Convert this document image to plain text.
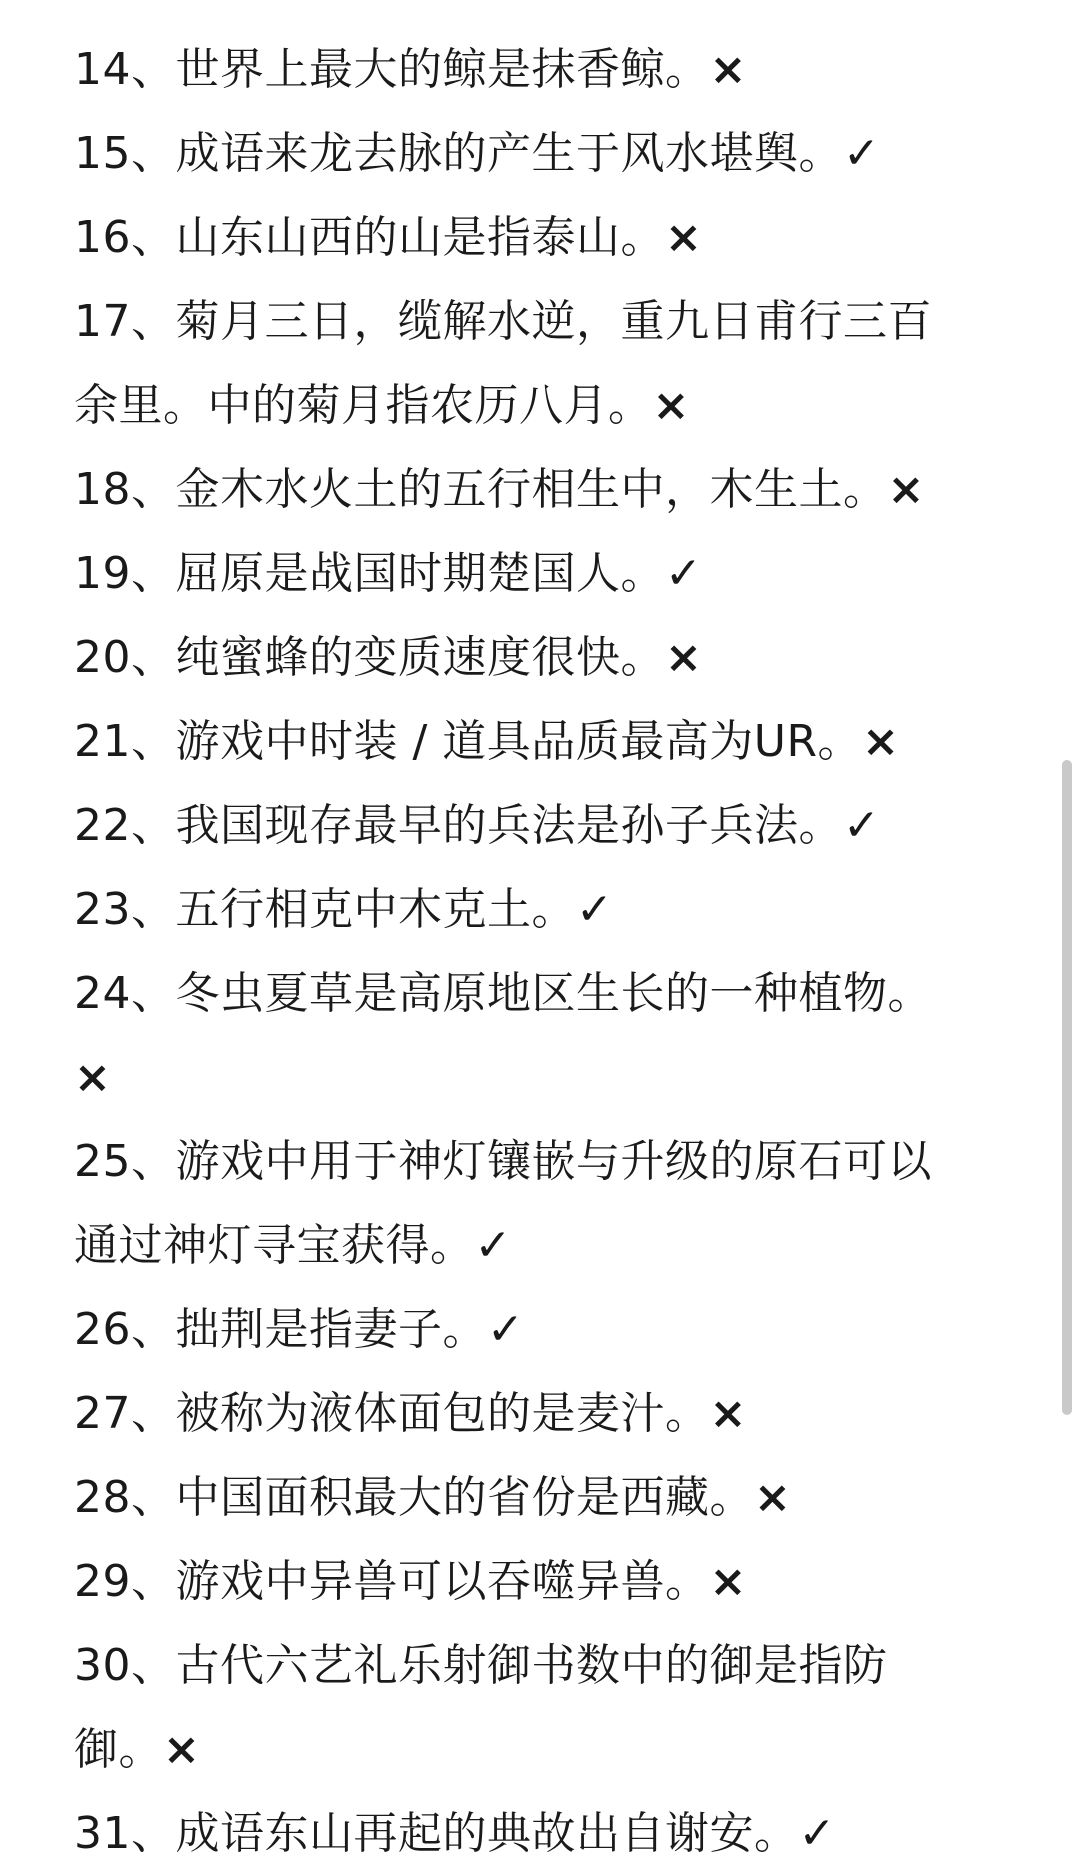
14、世界上最大的鲸是抹香鲸。×
15、成语来龙去脉的产生于风水堪舆。✓
16、山东山西的山是指泰山。×
17、菊月三日，缆解水逆，重九日甫行三百
余里。中的菊月指农历八月。×
18、金木水火土的五行相生中，木生土。×
19、屈原是战国时期楚国人。✓
20、纯蜜蜂的变质速度很快。×
21、游戏中时装 / 道具品质最高为UR。×
22、我国现存最早的兵法是孙子兵法。✓
23、五行相克中木克土。✓
24、冬虫夏草是高原地区生长的一种植物。
×
25、游戏中用于神灯镶嵌与升级的原石可以
通过神灯寻宝获得。✓
26、拙荆是指妻子。✓
27、被称为液体面包的是麦汁。×
28、中国面积最大的省份是西藏。×
29、游戏中异兽可以吞噬异兽。×
30、古代六艺礼乐射御书数中的御是指防
御。×
31、成语东山再起的典故出自谢安。✓
